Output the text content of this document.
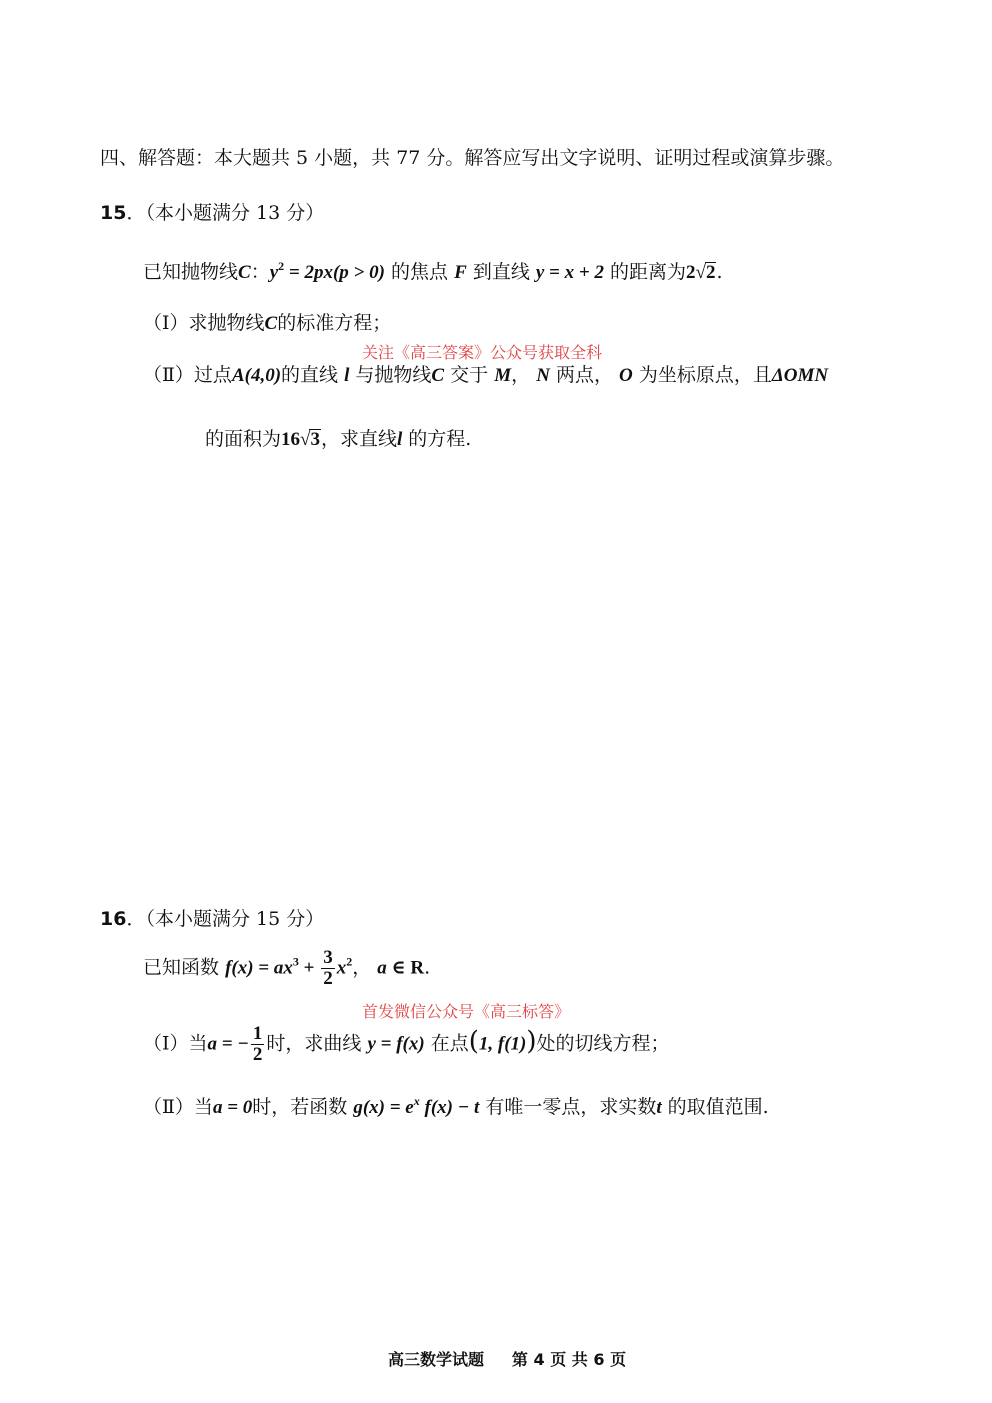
四、解答题：本大题共 5 小题，共 77 分。解答应写出文字说明、证明过程或演算步骤。
15．（本小题满分 13 分）
已知抛物线C：$y^2 = 2px(p > 0)$ 的焦点 F 到直线 y = x + 2 的距离为2√2.
（Ⅰ）求抛物线C的标准方程；
关注《高三答案》公众号获取全科
（Ⅱ）过点A(4,0)的直线 l 与抛物线C 交于 M， N 两点， O 为坐标原点，且ΔOMN
的面积为16√3，求直线l 的方程.
16．（本小题满分 15 分）
已知函数 $f(x) = ax^3 + \frac{3}{2} x^2$， a ∈ R.
首发微信公众号《高三标答》
（Ⅰ）当a = − $\frac{1}{2}$ 时，求曲线 y = f(x) 在点(1, f(1))处的切线方程；
（Ⅱ）当a = 0时，若函数 $g(x) = e^x$ f(x) − t 有唯一零点，求实数t 的取值范围.
高三数学试题 第 4 页 共 6 页
